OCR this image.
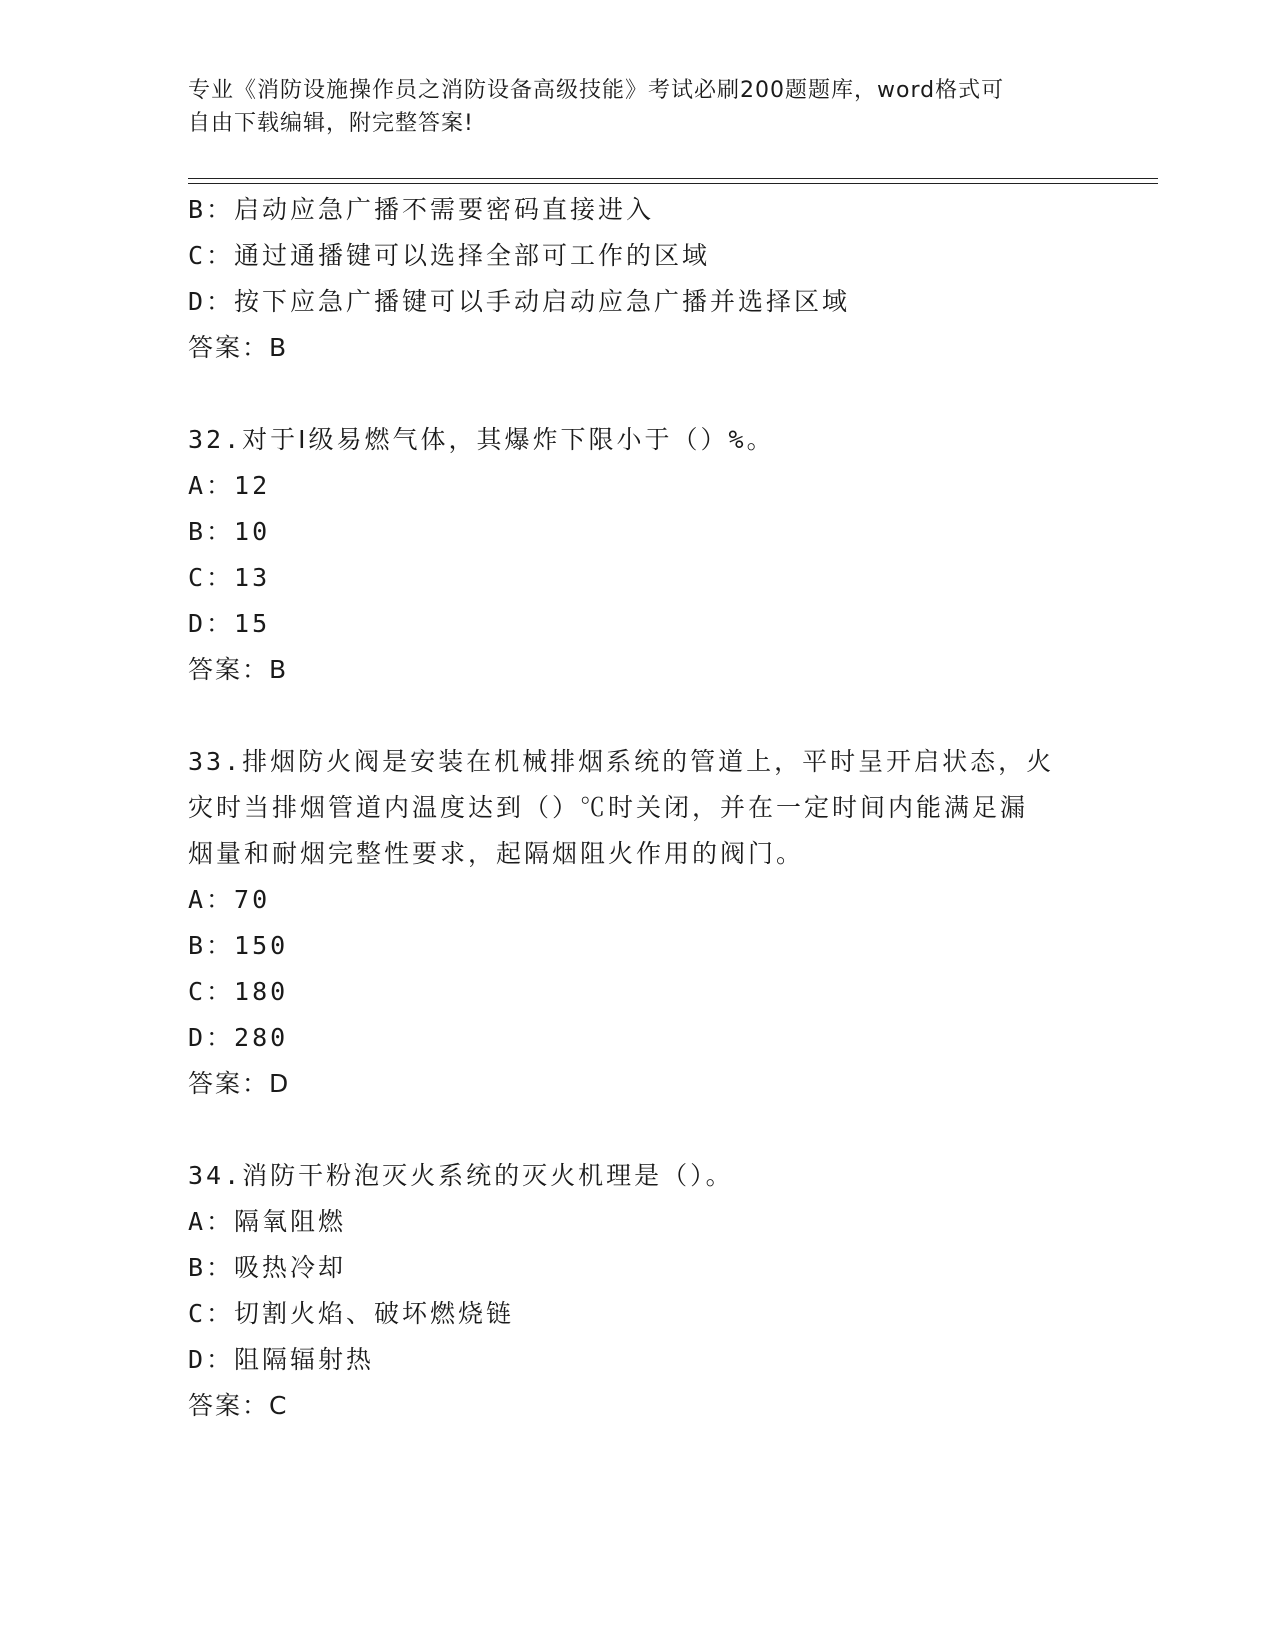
专业《消防设施操作员之消防设备高级技能》考试必刷200题题库，word格式可
自由下载编辑，附完整答案!
B：启动应急广播不需要密码直接进入
C：通过通播键可以选择全部可工作的区域
D：按下应急广播键可以手动启动应急广播并选择区域
答案：B
32.对于Ⅰ级易燃气体，其爆炸下限小于（）%。
A：12
B：10
C：13
D：15
答案：B
33.排烟防火阀是安装在机械排烟系统的管道上，平时呈开启状态，火
灾时当排烟管道内温度达到（）℃时关闭，并在一定时间内能满足漏
烟量和耐烟完整性要求，起隔烟阻火作用的阀门。
A：70
B：150
C：180
D：280
答案：D
34.消防干粉泡灭火系统的灭火机理是（）。
A：隔氧阻燃
B：吸热冷却
C：切割火焰、破坏燃烧链
D：阻隔辐射热
答案：C
